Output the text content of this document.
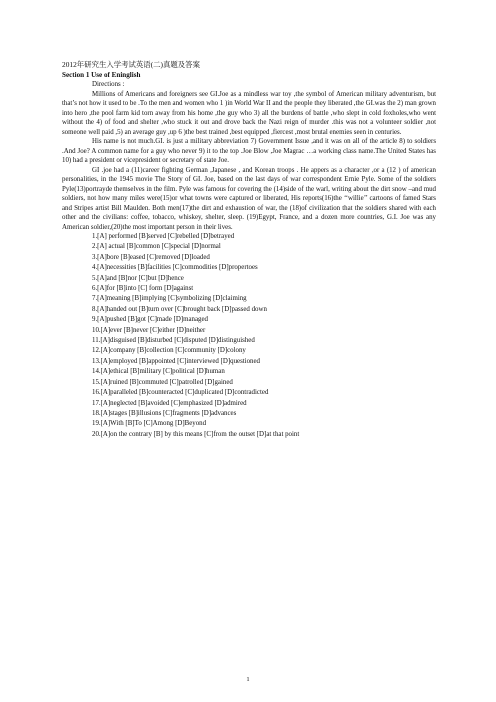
2012年研究生入学考试英语(二)真题及答案

Section 1 Use of Eninglish

Directions :

Millions of Americans and foreigners see GI.Joe as a mindless war toy ,the symbol of American military adventurism, but that’s not how it used to be .To the men and women who 1 )in World War II and the people they liberated ,the GI.was the 2) man grown into hero ,the pool farm kid torn away from his home ,the guy who 3) all the burdens of battle ,who slept in cold foxholes,who went without the 4) of food and shelter ,who stuck it out and drove back the Nazi reign of murder .this was not a volunteer soldier ,not someone well paid ,5) an average guy ,up 6 )the best trained ,best equipped ,fiercest ,most brutal enemies seen in centuries.

His name is not much.GI. is just a military abbreviation 7) Government Issue ,and it was on all of the article 8) to soldiers .And Joe? A common name for a guy who never 9) it to the top .Joe Blow ,Joe Magrac …a working class name.The United States has 10) had a president or vicepresident or secretary of state Joe.

GI .joe had a (11)career fighting German ,Japanese , and Korean troops . He appers as a character ,or a (12 ) of american personalities, in the 1945 movie The Story of GI. Joe, based on the last days of war correspondent Ernie Pyle. Some of the soldiers Pyle(13)portrayde themselves in the film. Pyle was famous for covering the (14)side of the warl, writing about the dirt snow –and mud soldiers, not how many miles were(15)or what towns were captured or liberated, His reports(16)the ‘‘willie’’ cartoons of famed Stars and Stripes artist Bill Maulden. Both men(17)the dirt and exhaustion of war, the (18)of civilization that the soldiers shared with each other and the civilians: coffee, tobacco, whiskey, shelter, sleep. (19)Egypt, France, and a dozen more countries, G.I. Joe was any American soldier,(20)the most important person in their lives.

1.[A] performed [B]served [C]rebelled [D]betrayed
2.[A] actual [B]common [C]special [D]normal
3.[A]bore [B]eased [C]removed [D]loaded
4.[A]necessities [B]facilities [C]commodities [D]propertoes
5.[A]and [B]nor [C]but [D]hence
6.[A]for [B]into [C] form [D]against
7.[A]meaning [B]implying [C]symbolizing [D]claiming
8.[A]handed out [B]turn over [C]brought back [D]passed down
9.[A]pushed [B]got [C]made [D]managed
10.[A]ever [B]never [C]either [D]neither
11.[A]disguised [B]disturbed [C]disputed [D]distinguished
12.[A]company [B]collection [C]community [D]colony
13.[A]employed [B]appointed [C]interviewed [D]questioned
14.[A]ethical [B]military [C]political [D]human
15.[A]ruined [B]commuted [C]patrolled [D]gained
16.[A]paralleled [B]counteracted [C]duplicated [D]contradicted
17.[A]neglected [B]avoided [C]emphasized [D]admired
18.[A]stages [B]illusions [C]fragments [D]advances
19.[A]With [B]To [C]Among [D]Beyond
20.[A]on the contrary [B] by this means [C]from the outset [D]at that point
1
